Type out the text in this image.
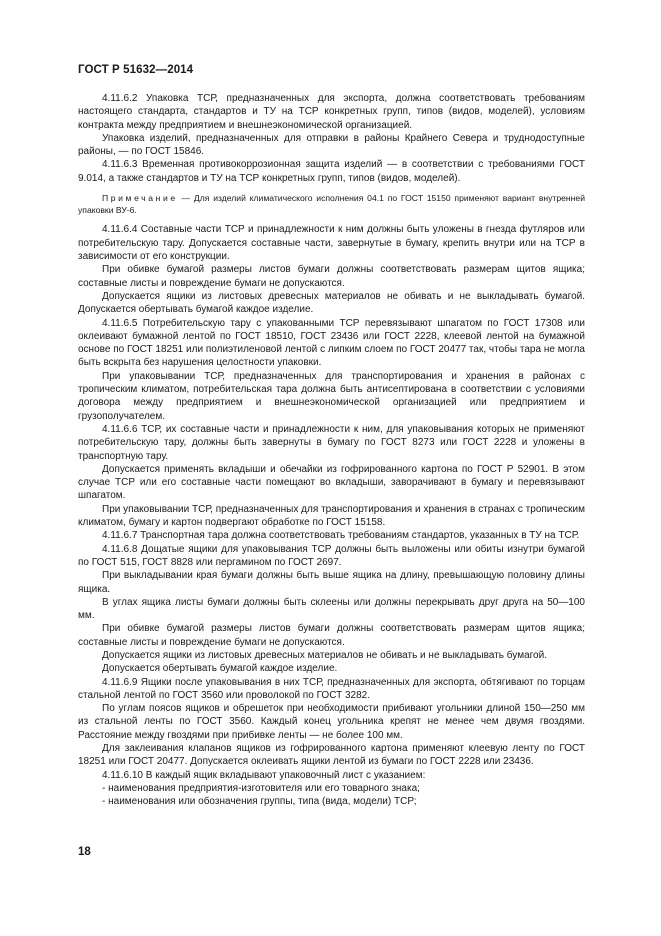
ГОСТ Р 51632—2014

4.11.6.2 Упаковка ТСР, предназначенных для экспорта, должна соответствовать требованиям настоящего стандарта, стандартов и ТУ на ТСР конкретных групп, типов (видов, моделей), условиям контракта между предприятием и внешнеэкономической организацией.

Упаковка изделий, предназначенных для отправки в районы Крайнего Севера и труднодоступные районы, — по ГОСТ 15846.

4.11.6.3 Временная противокоррозионная защита изделий — в соответствии с требованиями ГОСТ 9.014, а также стандартов и ТУ на ТСР конкретных групп, типов (видов, моделей).

Примечание — Для изделий климатического исполнения 04.1 по ГОСТ 15150 применяют вариант внутренней упаковки ВУ-6.

4.11.6.4 Составные части ТСР и принадлежности к ним должны быть уложены в гнезда футляров или потребительскую тару. Допускается составные части, завернутые в бумагу, крепить внутри или на ТСР в зависимости от его конструкции.

При обивке бумагой размеры листов бумаги должны соответствовать размерам щитов ящика; составные листы и повреждение бумаги не допускаются.

Допускается ящики из листовых древесных материалов не обивать и не выкладывать бумагой. Допускается обертывать бумагой каждое изделие.

4.11.6.5 Потребительскую тару с упакованными ТСР перевязывают шпагатом по ГОСТ 17308 или оклеивают бумажной лентой по ГОСТ 18510, ГОСТ 23436 или ГОСТ 2228, клеевой лентой на бумажной основе по ГОСТ 18251 или полиэтиленовой лентой с липким слоем по ГОСТ 20477 так, чтобы тара не могла быть вскрыта без нарушения целостности упаковки.

При упаковывании ТСР, предназначенных для транспортирования и хранения в районах с тропическим климатом, потребительская тара должна быть антисептирована в соответствии с условиями договора между предприятием и внешнеэкономической организацией или предприятием и грузополучателем.

4.11.6.6 ТСР, их составные части и принадлежности к ним, для упаковывания которых не применяют потребительскую тару, должны быть завернуты в бумагу по ГОСТ 8273 или ГОСТ 2228 и уложены в транспортную тару.

Допускается применять вкладыши и обечайки из гофрированного картона по ГОСТ Р 52901. В этом случае ТСР или его составные части помещают во вкладыши, заворачивают в бумагу и перевязывают шпагатом.

При упаковывании ТСР, предназначенных для транспортирования и хранения в странах с тропическим климатом, бумагу и картон подвергают обработке по ГОСТ 15158.

4.11.6.7 Транспортная тара должна соответствовать требованиям стандартов, указанных в ТУ на ТСР.

4.11.6.8 Дощатые ящики для упаковывания ТСР должны быть выложены или обиты изнутри бумагой по ГОСТ 515, ГОСТ 8828 или пергамином по ГОСТ 2697.

При выкладывании края бумаги должны быть выше ящика на длину, превышающую половину длины ящика.

В углах ящика листы бумаги должны быть склеены или должны перекрывать друг друга на 50—100 мм.

При обивке бумагой размеры листов бумаги должны соответствовать размерам щитов ящика; составные листы и повреждение бумаги не допускаются.

Допускается ящики из листовых древесных материалов не обивать и не выкладывать бумагой.

Допускается обертывать бумагой каждое изделие.

4.11.6.9 Ящики после упаковывания в них ТСР, предназначенных для экспорта, обтягивают по торцам стальной лентой по ГОСТ 3560 или проволокой по ГОСТ 3282.

По углам поясов ящиков и обрешеток при необходимости прибивают угольники длиной 150—250 мм из стальной ленты по ГОСТ 3560. Каждый конец угольника крепят не менее чем двумя гвоздями. Расстояние между гвоздями при прибивке ленты — не более 100 мм.

Для заклеивания клапанов ящиков из гофрированного картона применяют клеевую ленту по ГОСТ 18251 или ГОСТ 20477. Допускается оклеивать ящики лентой из бумаги по ГОСТ 2228 или 23436.

4.11.6.10 В каждый ящик вкладывают упаковочный лист с указанием:

- наименования предприятия-изготовителя или его товарного знака;

- наименования или обозначения группы, типа (вида, модели) ТСР;

18
